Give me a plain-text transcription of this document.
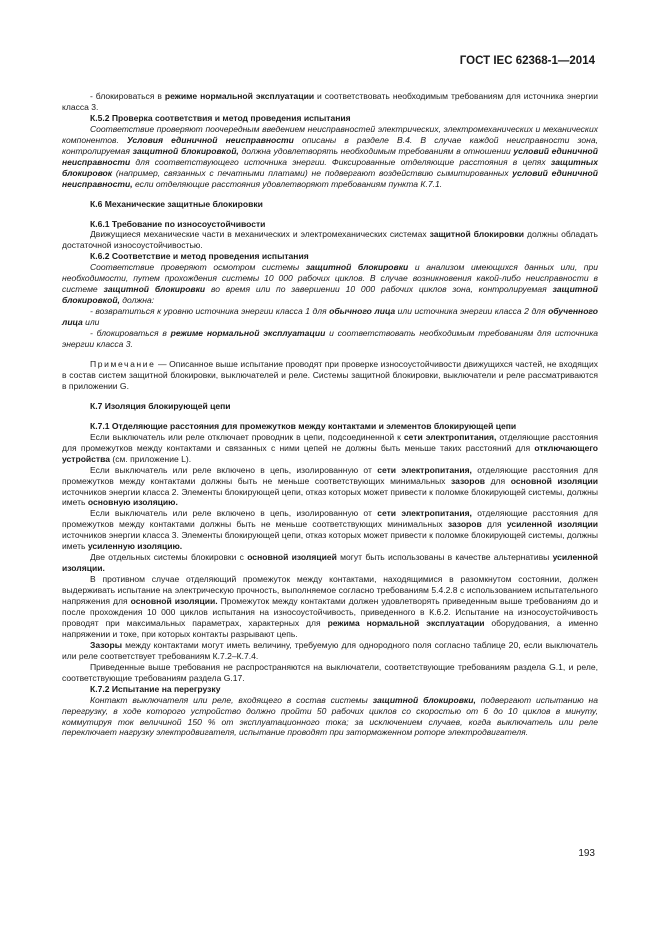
ГОСТ IEC 62368-1—2014

- блокироваться в режиме нормальной эксплуатации и соответствовать необходимым требованиям для источника энергии класса 3.

К.5.2 Проверка соответствия и метод проведения испытания

Соответствие проверяют поочередным введением неисправностей электрических, электромеханических и механических компонентов. Условия единичной неисправности описаны в разделе В.4. В случае каждой неисправности зона, контролируемая защитной блокировкой, должна удовлетворять необходимым требованиям в отношении условий единичной неисправности для соответствующего источника энергии. Фиксированные отделяющие расстояния в цепях защитных блокировок (например, связанных с печатными платами) не подвергают воздействию сымитированных условий единичной неисправности, если отделяющие расстояния удовлетворяют требованиям пункта К.7.1.

К.6 Механические защитные блокировки

К.6.1 Требование по износоустойчивости

Движущиеся механические части в механических и электромеханических системах защитной блокировки должны обладать достаточной износоустойчивостью.

К.6.2 Соответствие и метод проведения испытания

Соответствие проверяют осмотром системы защитной блокировки и анализом имеющихся данных или, при необходимости, путем прохождения системы 10 000 рабочих циклов. В случае возникновения какой-либо неисправности в системе защитной блокировки во время или по завершении 10 000 рабочих циклов зона, контролируемая защитной блокировкой, должна:

- возвратиться к уровню источника энергии класса 1 для обычного лица или источника энергии класса 2 для обученного лица или

- блокироваться в режиме нормальной эксплуатации и соответствовать необходимым требованиям для источника энергии класса 3.

Примечание — Описанное выше испытание проводят при проверке износоустойчивости движущихся частей, не входящих в состав систем защитной блокировки, выключателей и реле. Системы защитной блокировки, выключатели и реле рассматриваются в приложении G.

К.7 Изоляция блокирующей цепи

К.7.1 Отделяющие расстояния для промежутков между контактами и элементов блокирующей цепи

Если выключатель или реле отключает проводник в цепи, подсоединенной к сети электропитания, отделяющие расстояния для промежутков между контактами и связанных с ними цепей не должны быть меньше таких расстояний для отключающего устройства (см. приложение L).

Если выключатель или реле включено в цепь, изолированную от сети электропитания, отделяющие расстояния для промежутков между контактами должны быть не меньше соответствующих минимальных зазоров для основной изоляции источников энергии класса 2. Элементы блокирующей цепи, отказ которых может привести к поломке блокирующей системы, должны иметь основную изоляцию.

Если выключатель или реле включено в цепь, изолированную от сети электропитания, отделяющие расстояния для промежутков между контактами должны быть не меньше соответствующих минимальных зазоров для усиленной изоляции источников энергии класса 3. Элементы блокирующей цепи, отказ которых может привести к поломке блокирующей системы, должны иметь усиленную изоляцию.

Две отдельных системы блокировки с основной изоляцией могут быть использованы в качестве альтернативы усиленной изоляции.

В противном случае отделяющий промежуток между контактами, находящимися в разомкнутом состоянии, должен выдерживать испытание на электрическую прочность, выполняемое согласно требованиям 5.4.2.8 с использованием испытательного напряжения для основной изоляции. Промежуток между контактами должен удовлетворять приведенным выше требованиям до и после прохождения 10 000 циклов испытания на износоустойчивость, приведенного в К.6.2. Испытание на износоустойчивость проводят при максимальных параметрах, характерных для режима нормальной эксплуатации оборудования, а именно напряжении и токе, при которых контакты разрывают цепь.

Зазоры между контактами могут иметь величину, требуемую для однородного поля согласно таблице 20, если выключатель или реле соответствует требованиям К.7.2–К.7.4.

Приведенные выше требования не распространяются на выключатели, соответствующие требованиям раздела G.1, и реле, соответствующие требованиям раздела G.17.

К.7.2 Испытание на перегрузку

Контакт выключателя или реле, входящего в состав системы защитной блокировки, подвергают испытанию на перегрузку, в ходе которого устройство должно пройти 50 рабочих циклов со скоростью от 6 до 10 циклов в минуту, коммутируя ток величиной 150 % от эксплуатационного тока; за исключением случаев, когда выключатель или реле переключает нагрузку электродвигателя, испытание проводят при заторможенном роторе электродвигателя.

193
